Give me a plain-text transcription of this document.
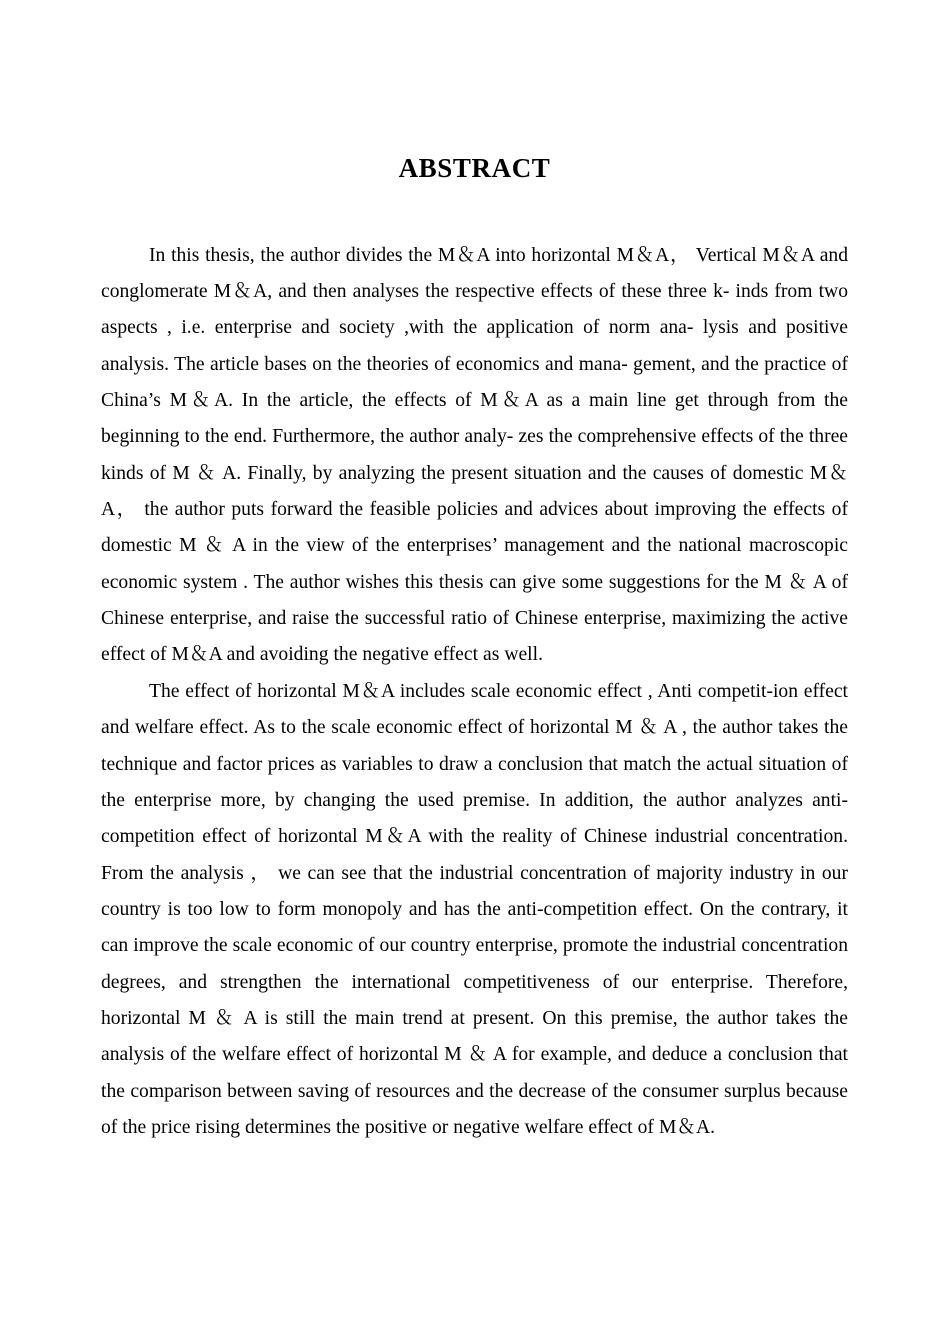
ABSTRACT

In this thesis, the author divides the M＆A into horizontal M＆A， Vertical M＆A and conglomerate M＆A, and then analyses the respective effects of these three k- inds from two aspects , i.e. enterprise and society ,with the application of norm ana- lysis and positive analysis. The article bases on the theories of economics and mana- gement, and the practice of China’s M＆A. In the article, the effects of M＆A as a main line get through from the beginning to the end. Furthermore, the author analy- zes the comprehensive effects of the three kinds of M ＆ A. Finally, by analyzing the present situation and the causes of domestic M＆A， the author puts forward the feasible policies and advices about improving the effects of domestic M ＆ A in the view of the enterprises’ management and the national macroscopic economic system . The author wishes this thesis can give some suggestions for the M ＆ A of Chinese enterprise, and raise the successful ratio of Chinese enterprise, maximizing the active effect of M＆A and avoiding the negative effect as well.

The effect of horizontal M＆A includes scale economic effect , Anti competit-ion effect and welfare effect. As to the scale economic effect of horizontal M ＆ A , the author takes the technique and factor prices as variables to draw a conclusion that match the actual situation of the enterprise more, by changing the used premise. In addition, the author analyzes anti-competition effect of horizontal M＆A with the reality of Chinese industrial concentration. From the analysis ， we can see that the industrial concentration of majority industry in our country is too low to form monopoly and has the anti-competition effect. On the contrary, it can improve the scale economic of our country enterprise, promote the industrial concentration degrees, and strengthen the international competitiveness of our enterprise. Therefore, horizontal M ＆ A is still the main trend at present. On this premise, the author takes the analysis of the welfare effect of horizontal M ＆ A for example, and deduce a conclusion that the comparison between saving of resources and the decrease of the consumer surplus because of the price rising determines the positive or negative welfare effect of M＆A.
